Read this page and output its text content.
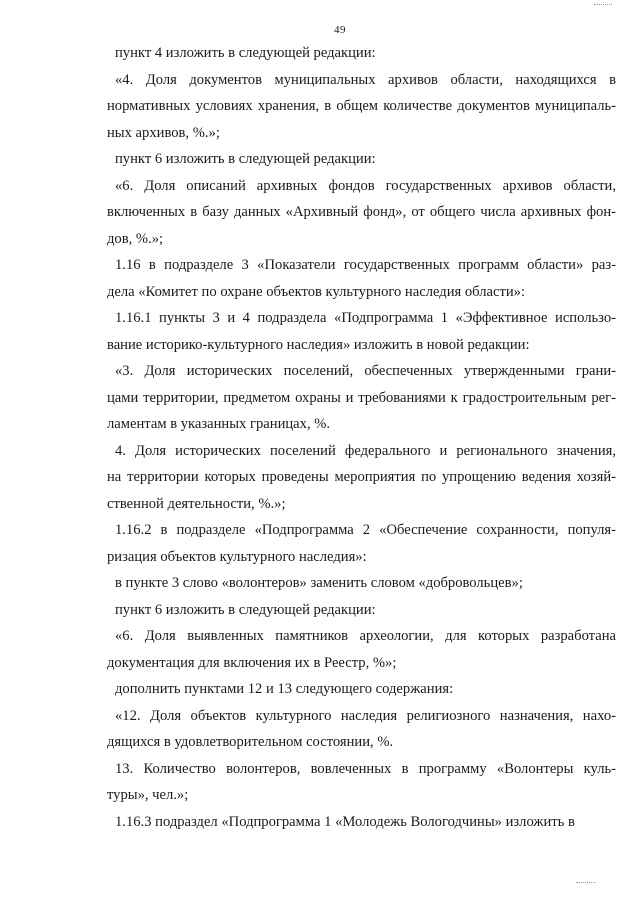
49
пункт 4 изложить в следующей редакции:
«4. Доля документов муниципальных архивов области, находящихся в
нормативных условиях хранения, в общем количестве документов муниципаль-
ных архивов, %.»;
пункт 6 изложить в следующей редакции:
«6. Доля описаний архивных фондов государственных архивов области,
включенных в базу данных «Архивный фонд», от общего числа архивных фон-
дов, %.»;
1.16 в подразделе 3 «Показатели государственных программ области» раз-
дела «Комитет по охране объектов культурного наследия области»:
1.16.1 пункты 3 и 4 подраздела «Подпрограмма 1 «Эффективное использо-
вание историко-культурного наследия» изложить в новой редакции:
«3. Доля исторических поселений, обеспеченных утвержденными грани-
цами территории, предметом охраны и требованиями к градостроительным рег-
ламентам в указанных границах, %.
4. Доля исторических поселений федерального и регионального значения,
на территории которых проведены мероприятия по упрощению ведения хозяй-
ственной деятельности, %.»;
1.16.2 в подразделе «Подпрограмма 2 «Обеспечение сохранности, популя-
ризация объектов культурного наследия»:
в пункте 3 слово «волонтеров» заменить словом «добровольцев»;
пункт 6 изложить в следующей редакции:
«6. Доля выявленных памятников археологии, для которых разработана
документация для включения их в Реестр, %»;
дополнить пунктами 12 и 13 следующего содержания:
«12. Доля объектов культурного наследия религиозного назначения, нахо-
дящихся в удовлетворительном состоянии, %.
13. Количество волонтеров, вовлеченных в программу «Волонтеры куль-
туры», чел.»;
1.16.3 подраздел «Подпрограмма 1 «Молодежь Вологодчины» изложить в
